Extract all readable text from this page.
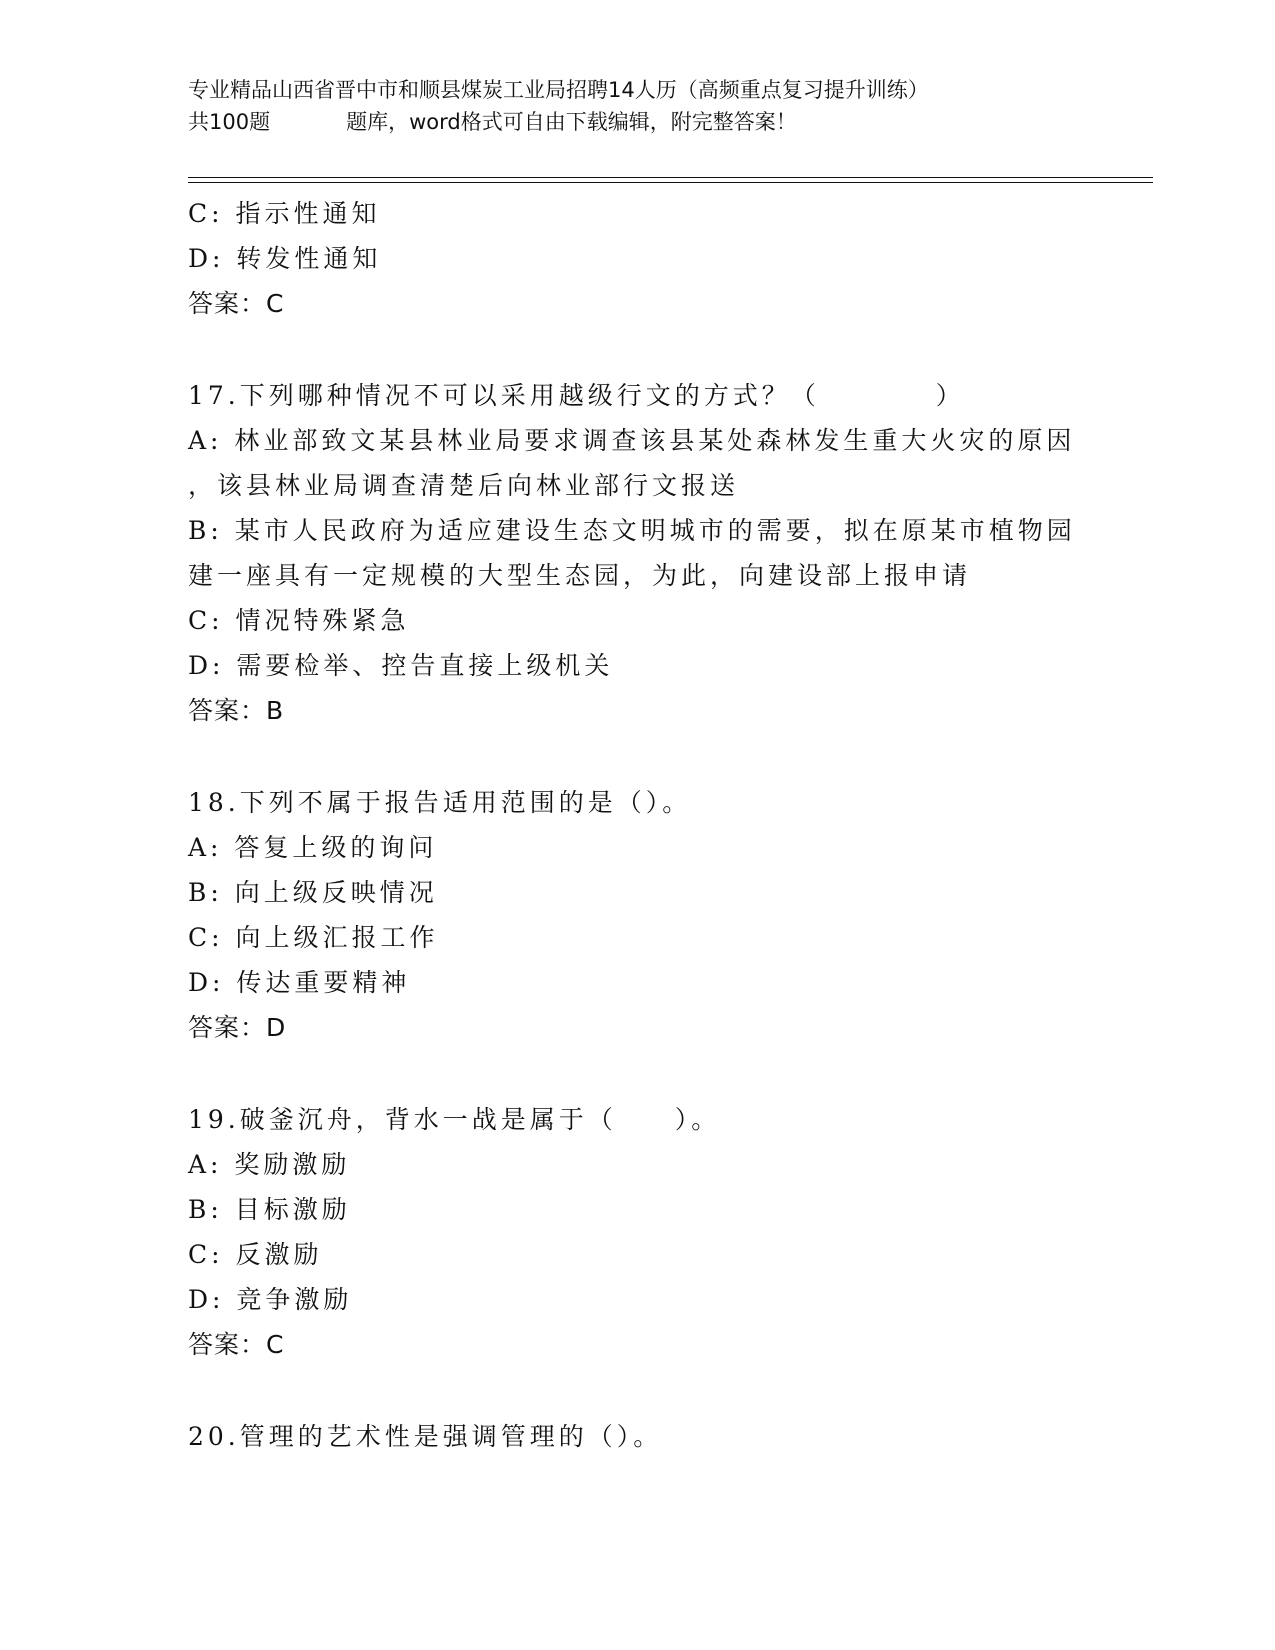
专业精品山西省晋中市和顺县煤炭工业局招聘14人历（高频重点复习提升训练）
共100题	题库，word格式可自由下载编辑，附完整答案！
C: 指示性通知
D: 转发性通知
答案：C
17.下列哪种情况不可以采用越级行文的方式？（　　　　）
A: 林业部致文某县林业局要求调查该县某处森林发生重大火灾的原因
，该县林业局调查清楚后向林业部行文报送
B: 某市人民政府为适应建设生态文明城市的需要，拟在原某市植物园
建一座具有一定规模的大型生态园，为此，向建设部上报申请
C: 情况特殊紧急
D: 需要检举、控告直接上级机关
答案：B
18.下列不属于报告适用范围的是（）。
A: 答复上级的询问
B: 向上级反映情况
C: 向上级汇报工作
D: 传达重要精神
答案：D
19.破釜沉舟，背水一战是属于（　　）。
A: 奖励激励
B: 目标激励
C: 反激励
D: 竞争激励
答案：C
20.管理的艺术性是强调管理的（）。
